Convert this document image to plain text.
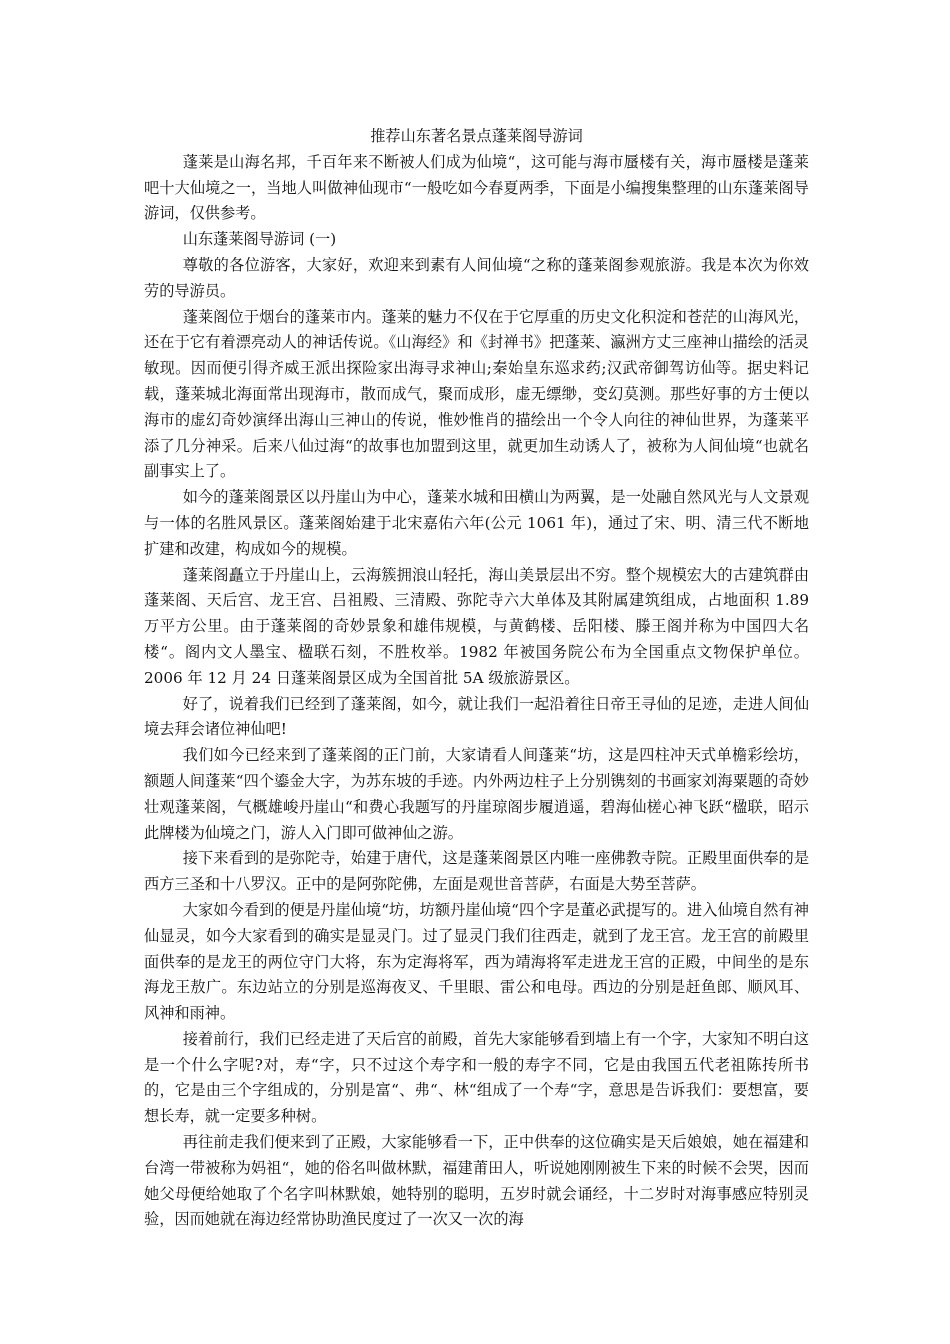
推荐山东著名景点蓬莱阁导游词

蓬莱是山海名邦，千百年来不断被人们成为仙境“，这可能与海市蜃楼有关，海市蜃楼是蓬莱吧十大仙境之一，当地人叫做神仙现市“一般吃如今春夏两季，下面是小编搜集整理的山东蓬莱阁导游词，仅供参考。

山东蓬莱阁导游词 (一)

尊敬的各位游客，大家好，欢迎来到素有人间仙境“之称的蓬莱阁参观旅游。我是本次为你效劳的导游员。

蓬莱阁位于烟台的蓬莱市内。蓬莱的魅力不仅在于它厚重的历史文化积淀和苍茫的山海风光，还在于它有着漂亮动人的神话传说。《山海经》和《封禅书》把蓬莱、瀛洲方丈三座神山描绘的活灵敏现。因而便引得齐威王派出探险家出海寻求神山;秦始皇东巡求药;汉武帝御驾访仙等。据史料记载，蓬莱城北海面常出现海市，散而成气，聚而成形，虚无缥缈，变幻莫测。那些好事的方士便以海市的虚幻奇妙演绎出海山三神山的传说，惟妙惟肖的描绘出一个令人向往的神仙世界，为蓬莱平添了几分神采。后来八仙过海“的故事也加盟到这里，就更加生动诱人了，被称为人间仙境“也就名副事实上了。

如今的蓬莱阁景区以丹崖山为中心，蓬莱水城和田横山为两翼，是一处融自然风光与人文景观与一体的名胜风景区。蓬莱阁始建于北宋嘉佑六年(公元 1061 年)，通过了宋、明、清三代不断地扩建和改建，构成如今的规模。

蓬莱阁矗立于丹崖山上，云海簇拥浪山轻托，海山美景层出不穷。整个规模宏大的古建筑群由蓬莱阁、天后宫、龙王宫、吕祖殿、三清殿、弥陀寺六大单体及其附属建筑组成，占地面积 1.89 万平方公里。由于蓬莱阁的奇妙景象和雄伟规模，与黄鹤楼、岳阳楼、滕王阁并称为中国四大名楼“。阁内文人墨宝、楹联石刻，不胜枚举。1982 年被国务院公布为全国重点文物保护单位。2006 年 12 月 24 日蓬莱阁景区成为全国首批 5A 级旅游景区。

好了，说着我们已经到了蓬莱阁，如今，就让我们一起沿着往日帝王寻仙的足迹，走进人间仙境去拜会诸位神仙吧!

我们如今已经来到了蓬莱阁的正门前，大家请看人间蓬莱“坊，这是四柱冲天式单檐彩绘坊，额题人间蓬莱“四个鎏金大字，为苏东坡的手迹。内外两边柱子上分别镌刻的书画家刘海粟题的奇妙壮观蓬莱阁，气概雄峻丹崖山“和费心我题写的丹崖琼阁步履逍遥，碧海仙槎心神飞跃“楹联，昭示此牌楼为仙境之门，游人入门即可做神仙之游。

接下来看到的是弥陀寺，始建于唐代，这是蓬莱阁景区内唯一座佛教寺院。正殿里面供奉的是西方三圣和十八罗汉。正中的是阿弥陀佛，左面是观世音菩萨，右面是大势至菩萨。

大家如今看到的便是丹崖仙境“坊，坊额丹崖仙境“四个字是董必武提写的。进入仙境自然有神仙显灵，如今大家看到的确实是显灵门。过了显灵门我们往西走，就到了龙王宫。龙王宫的前殿里面供奉的是龙王的两位守门大将，东为定海将军，西为靖海将军走进龙王宫的正殿，中间坐的是东海龙王敖广。东边站立的分别是巡海夜叉、千里眼、雷公和电母。西边的分别是赶鱼郎、顺风耳、风神和雨神。

接着前行，我们已经走进了天后宫的前殿，首先大家能够看到墙上有一个字，大家知不明白这是一个什么字呢?对，寿“字，只不过这个寿字和一般的寿字不同，它是由我国五代老祖陈抟所书的，它是由三个字组成的，分别是富“、弗“、林“组成了一个寿“字，意思是告诉我们：要想富，要想长寿，就一定要多种树。

再往前走我们便来到了正殿，大家能够看一下，正中供奉的这位确实是天后娘娘，她在福建和台湾一带被称为妈祖“，她的俗名叫做林默，福建莆田人，听说她刚刚被生下来的时候不会哭，因而她父母便给她取了个名字叫林默娘，她特别的聪明，五岁时就会诵经，十二岁时对海事感应特别灵验，因而她就在海边经常协助渔民度过了一次又一次的海
